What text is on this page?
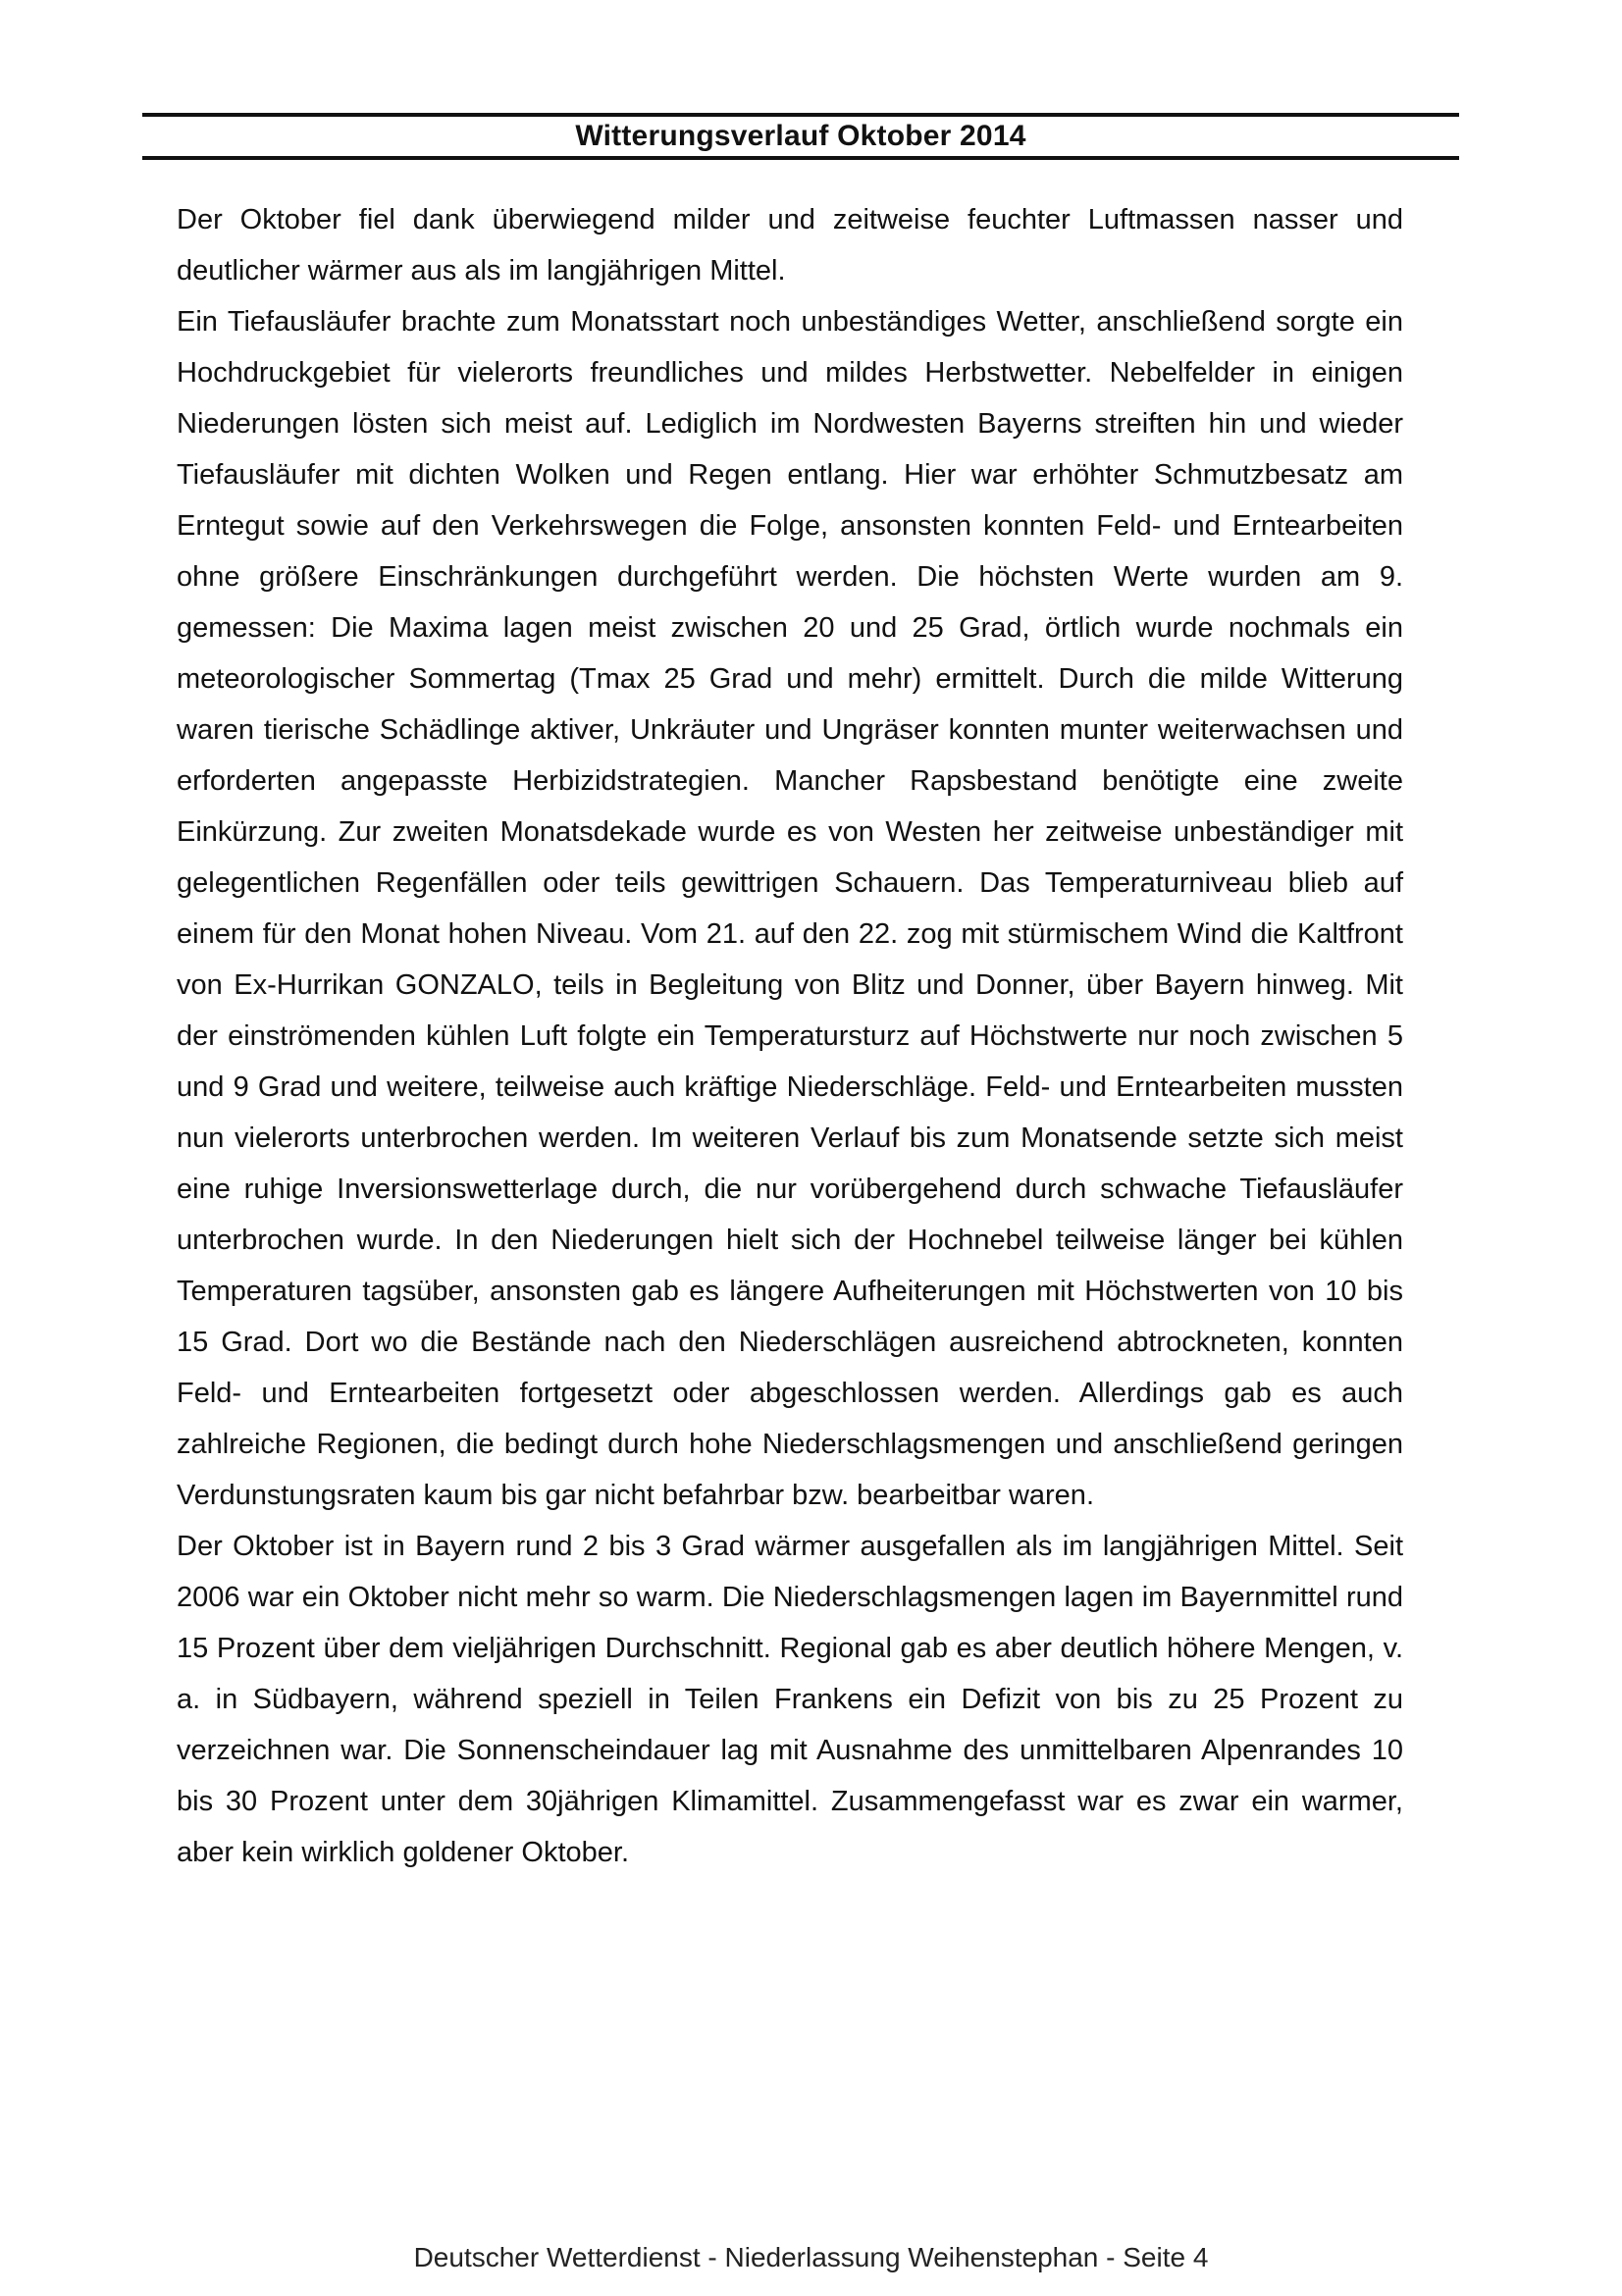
Witterungsverlauf Oktober 2014

Der Oktober fiel dank überwiegend milder und zeitweise feuchter Luftmassen nasser und deutlicher wärmer aus als im langjährigen Mittel.

Ein Tiefausläufer brachte zum Monatsstart noch unbeständiges Wetter, anschließend sorgte ein Hochdruckgebiet für vielerorts freundliches und mildes Herbstwetter. Nebelfelder in einigen Niederungen lösten sich meist auf. Lediglich im Nordwesten Bayerns streiften hin und wieder Tiefausläufer mit dichten Wolken und Regen entlang. Hier war erhöhter Schmutzbesatz am Erntegut sowie auf den Verkehrswegen die Folge, ansonsten konnten Feld- und Erntearbeiten ohne größere Einschränkungen durchgeführt werden. Die höchsten Werte wurden am 9. gemessen: Die Maxima lagen meist zwischen 20 und 25 Grad, örtlich wurde nochmals ein meteorologischer Sommertag (Tmax 25 Grad und mehr) ermittelt. Durch die milde Witterung waren tierische Schädlinge aktiver, Unkräuter und Ungräser konnten munter weiterwachsen und erforderten angepasste Herbizidstrategien. Mancher Rapsbestand benötigte eine zweite Einkürzung. Zur zweiten Monatsdekade wurde es von Westen her zeitweise unbeständiger mit gelegentlichen Regenfällen oder teils gewittrigen Schauern. Das Temperaturniveau blieb auf einem für den Monat hohen Niveau. Vom 21. auf den 22. zog mit stürmischem Wind die Kaltfront von Ex-Hurrikan GONZALO, teils in Begleitung von Blitz und Donner, über Bayern hinweg. Mit der einströmenden kühlen Luft folgte ein Temperatursturz auf Höchstwerte nur noch zwischen 5 und 9 Grad und weitere, teilweise auch kräftige Niederschläge. Feld- und Erntearbeiten mussten nun vielerorts unterbrochen werden. Im weiteren Verlauf bis zum Monatsende setzte sich meist eine ruhige Inversionswetterlage durch, die nur vorübergehend durch schwache Tiefausläufer unterbrochen wurde. In den Niederungen hielt sich der Hochnebel teilweise länger bei kühlen Temperaturen tagsüber, ansonsten gab es längere Aufheiterungen mit Höchstwerten von 10 bis 15 Grad. Dort wo die Bestände nach den Niederschlägen ausreichend abtrockneten, konnten Feld- und Erntearbeiten fortgesetzt oder abgeschlossen werden. Allerdings gab es auch zahlreiche Regionen, die bedingt durch hohe Niederschlagsmengen und anschließend geringen Verdunstungsraten kaum bis gar nicht befahrbar bzw. bearbeitbar waren.

Der Oktober ist in Bayern rund 2 bis 3 Grad wärmer ausgefallen als im langjährigen Mittel. Seit 2006 war ein Oktober nicht mehr so warm. Die Niederschlagsmengen lagen im Bayernmittel rund 15 Prozent über dem vieljährigen Durchschnitt. Regional gab es aber deutlich höhere Mengen, v. a. in Südbayern, während speziell in Teilen Frankens ein Defizit von bis zu 25 Prozent zu verzeichnen war. Die Sonnenscheindauer lag mit Ausnahme des unmittelbaren Alpenrandes 10 bis 30 Prozent unter dem 30jährigen Klimamittel. Zusammengefasst war es zwar ein warmer, aber kein wirklich goldener Oktober.

Deutscher Wetterdienst - Niederlassung Weihenstephan - Seite 4
